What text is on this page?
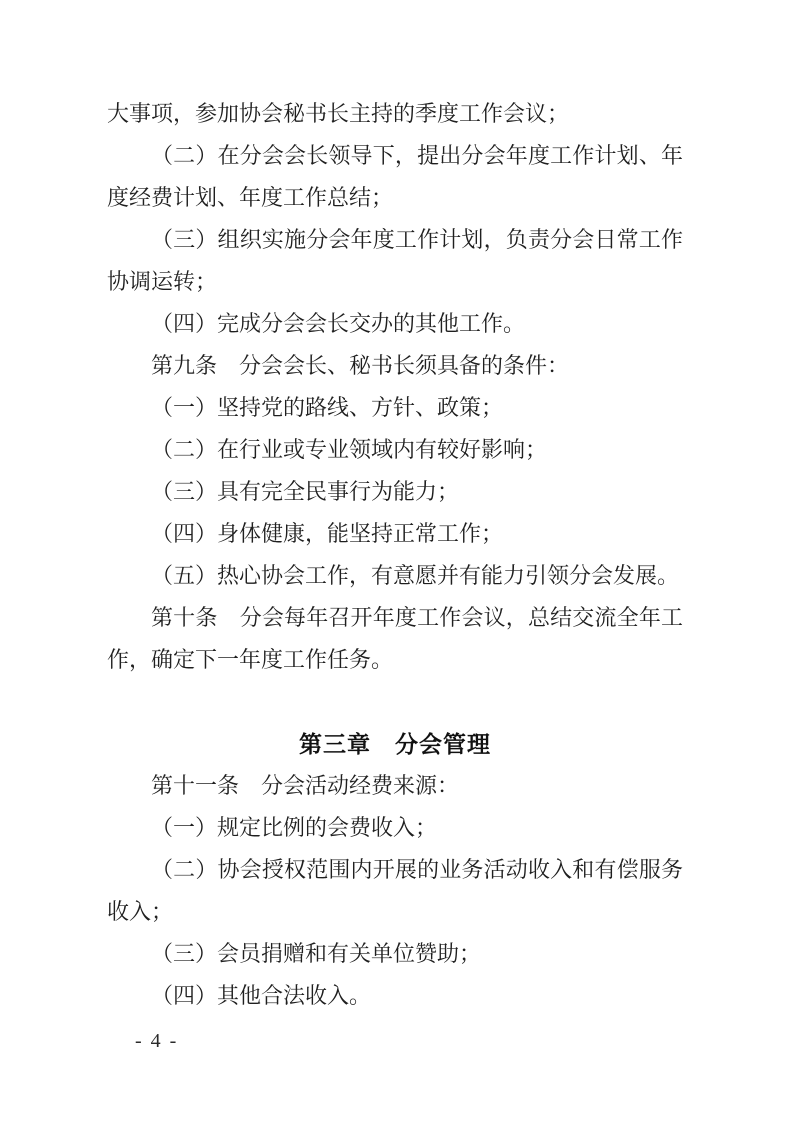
大事项，参加协会秘书长主持的季度工作会议；

（二）在分会会长领导下，提出分会年度工作计划、年度经费计划、年度工作总结；

（三）组织实施分会年度工作计划，负责分会日常工作协调运转；

（四）完成分会会长交办的其他工作。

第九条　分会会长、秘书长须具备的条件：

（一）坚持党的路线、方针、政策；

（二）在行业或专业领域内有较好影响；

（三）具有完全民事行为能力；

（四）身体健康，能坚持正常工作；

（五）热心协会工作，有意愿并有能力引领分会发展。

第十条　分会每年召开年度工作会议，总结交流全年工作，确定下一年度工作任务。

第三章　分会管理

第十一条　分会活动经费来源：

（一）规定比例的会费收入；

（二）协会授权范围内开展的业务活动收入和有偿服务收入；

（三）会员捐赠和有关单位赞助；

（四）其他合法收入。

- 4 -
